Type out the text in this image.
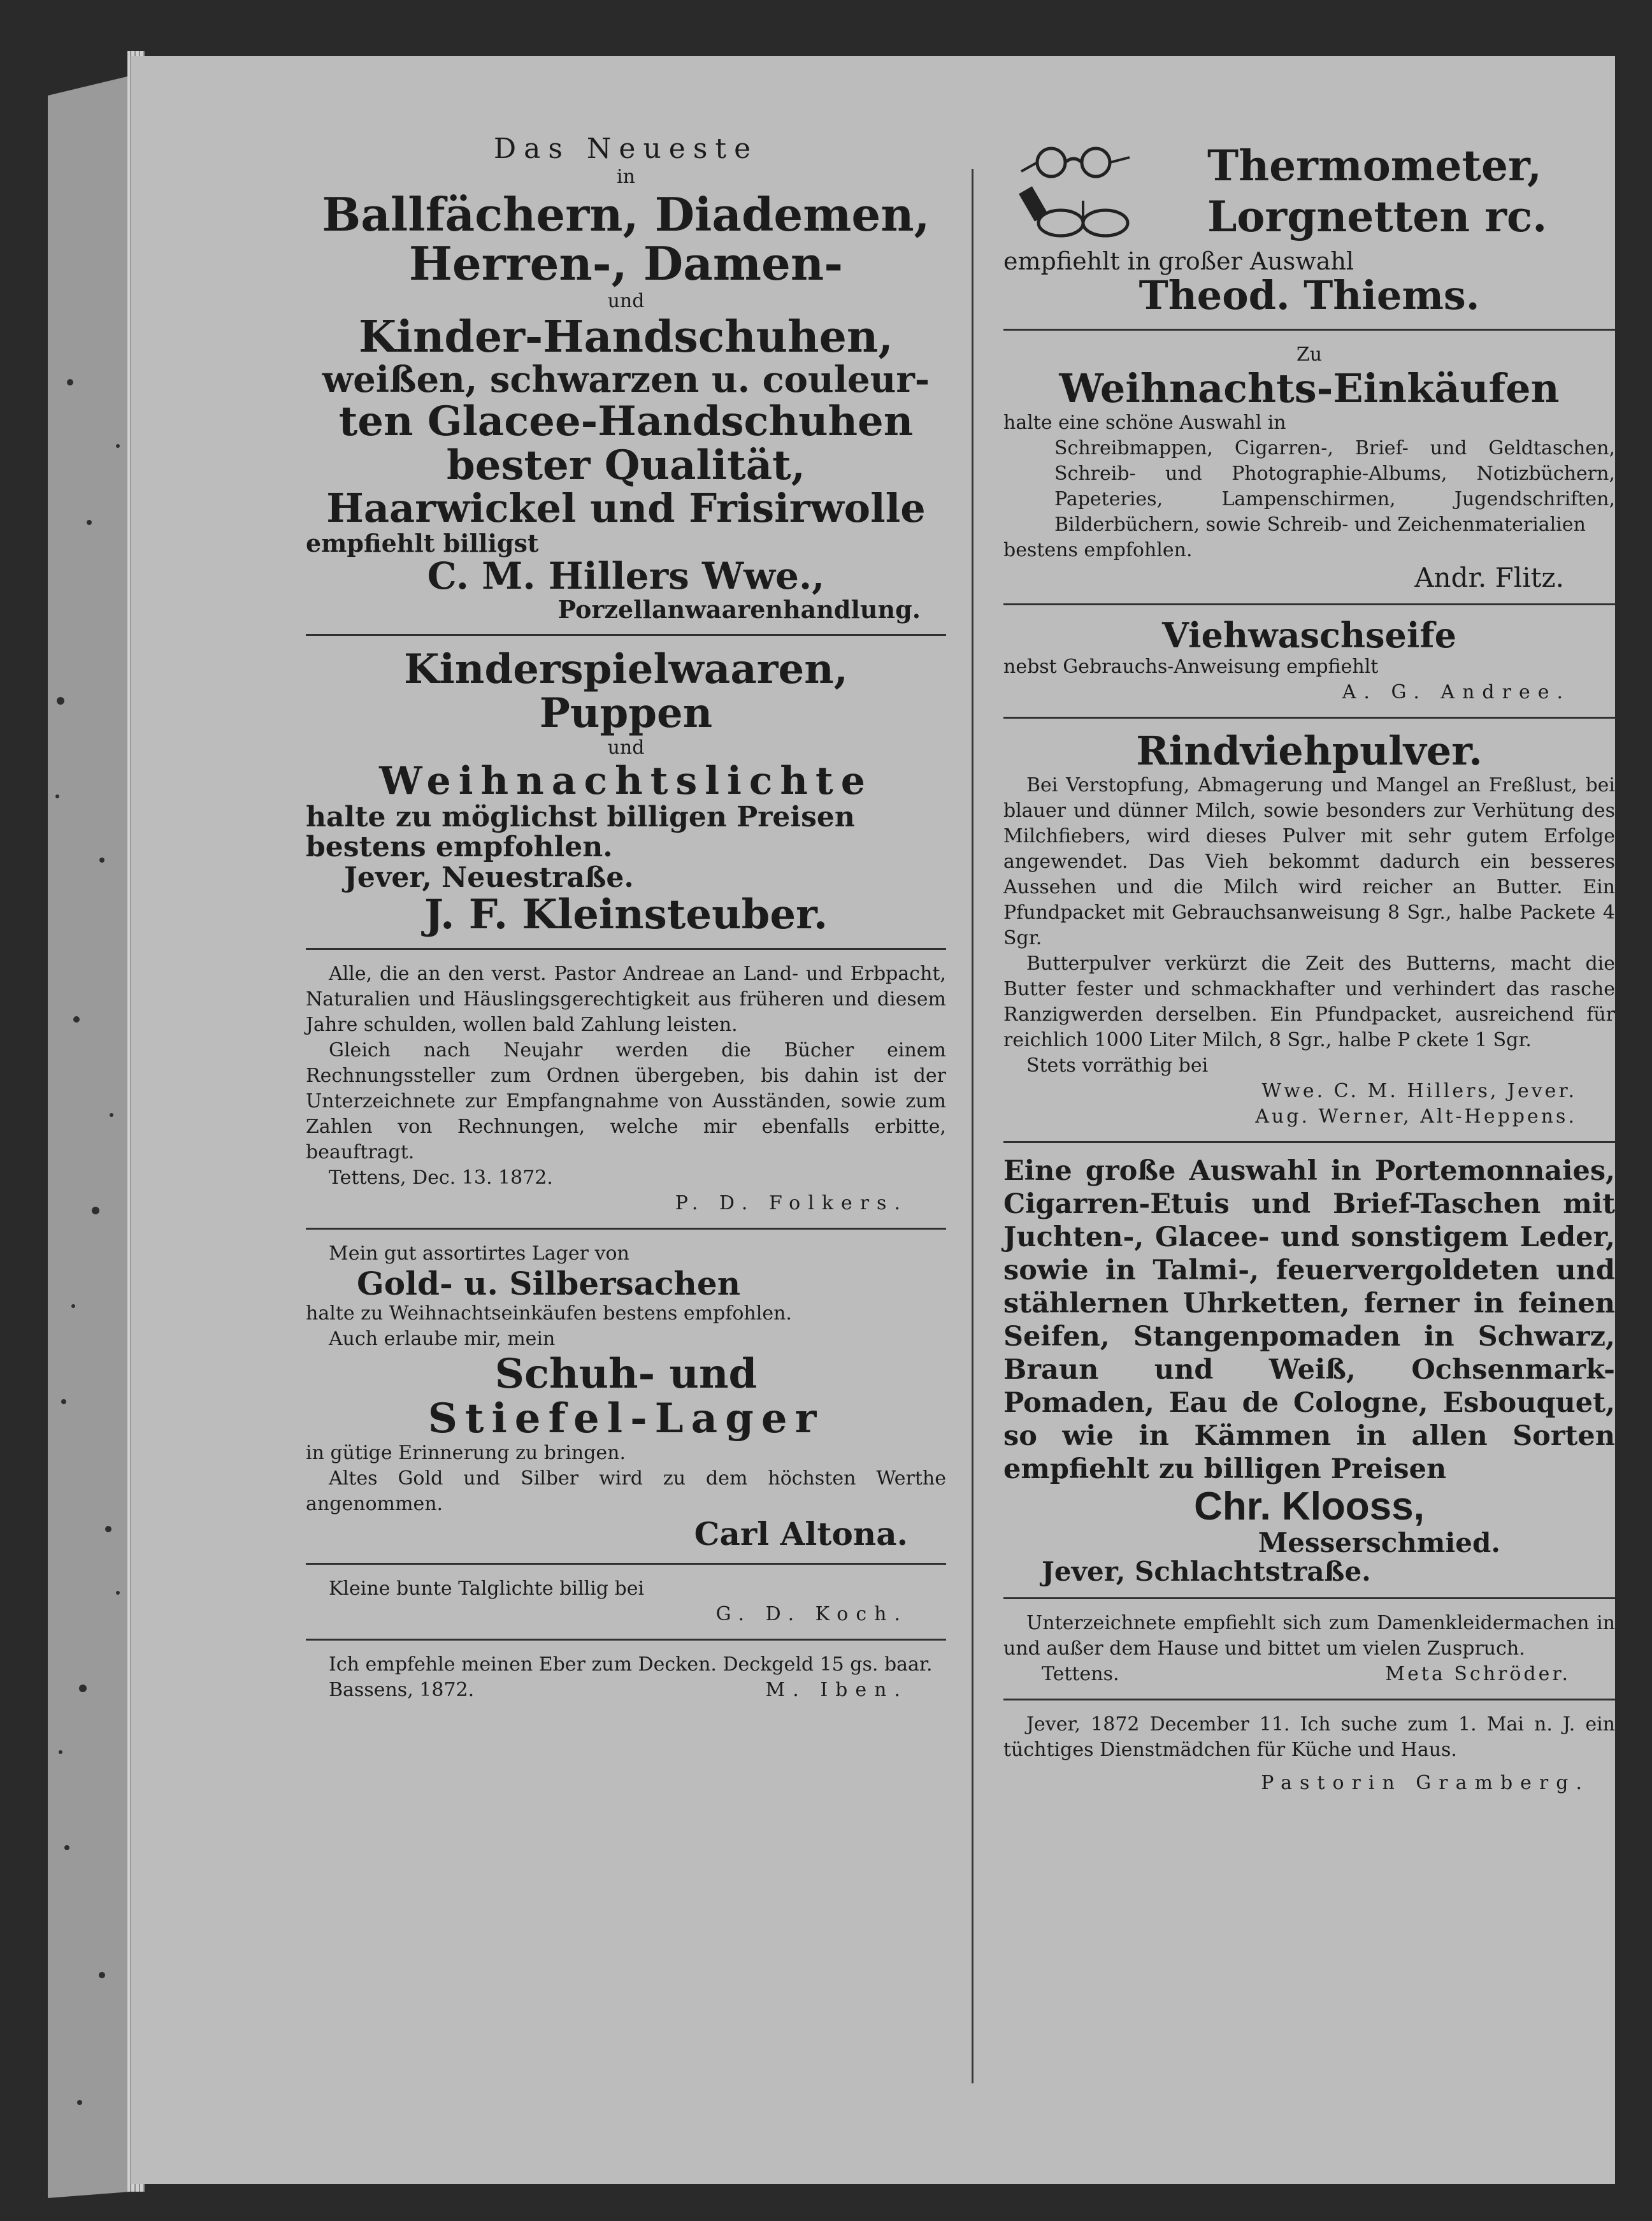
Das Neueste
in
Ballfächern, Diademen,
Herren-, Damen-
und
Kinder-Handschuhen,
weißen, schwarzen u. couleur-
ten Glacee-Handschuhen
bester Qualität,
Haarwickel und Frisirwolle
empfiehlt billigst
C. M. Hillers Wwe.,
Porzellanwaarenhandlung.
Kinderspielwaaren,
Puppen
und
Weihnachtslichte
halte zu möglichst billigen Preisen
bestens empfohlen.
Jever, Neuestraße.
J. F. Kleinsteuber.
Alle, die an den verst. Pastor Andreae an Land- und Erbpacht, Naturalien und Häuslingsgerechtigkeit aus früheren und diesem Jahre schulden, wollen bald Zahlung leisten.
Gleich nach Neujahr werden die Bücher einem Rechnungssteller zum Ordnen übergeben, bis dahin ist der Unterzeichnete zur Empfangnahme von Ausständen, sowie zum Zahlen von Rechnungen, welche mir ebenfalls erbitte, beauftragt.
Tettens, Dec. 13. 1872.
P. D. Folkers.
Mein gut assortirtes Lager von
Gold- u. Silbersachen
halte zu Weihnachtseinkäufen bestens empfohlen.
Auch erlaube mir, mein
Schuh- und
Stiefel-Lager
in gütige Erinnerung zu bringen.
Altes Gold und Silber wird zu dem höchsten Werthe angenommen.
Carl Altona.
Kleine bunte Talglichte billig bei
G. D. Koch.
Ich empfehle meinen Eber zum Decken. Deckgeld 15 gs. baar.
Bassens, 1872.	M. Iben.
Thermometer,
Lorgnetten rc.
empfiehlt in großer Auswahl
Theod. Thiems.
Zu
Weihnachts-Einkäufen
halte eine schöne Auswahl in
Schreibmappen, Cigarren-, Brief- und Geldtaschen, Schreib- und Photographie-Albums, Notizbüchern, Papeteries, Lampenschirmen, Jugendschriften, Bilderbüchern, sowie Schreib- und Zeichenmaterialien
bestens empfohlen.
Andr. Flitz.
Viehwaschseife
nebst Gebrauchs-Anweisung empfiehlt
A. G. Andree.
Rindviehpulver.
Bei Verstopfung, Abmagerung und Mangel an Freßlust, bei blauer und dünner Milch, sowie besonders zur Verhütung des Milchfiebers, wird dieses Pulver mit sehr gutem Erfolge angewendet. Das Vieh bekommt dadurch ein besseres Aussehen und die Milch wird reicher an Butter. Ein Pfundpacket mit Gebrauchsanweisung 8 Sgr., halbe Packete 4 Sgr.
Butterpulver verkürzt die Zeit des Butterns, macht die Butter fester und schmackhafter und verhindert das rasche Ranzigwerden derselben. Ein Pfundpacket, ausreichend für reichlich 1000 Liter Milch, 8 Sgr., halbe P ckete 1 Sgr.
Stets vorräthig bei
Wwe. C. M. Hillers, Jever.
Aug. Werner, Alt-Heppens.
Eine große Auswahl in Portemonnaies, Cigarren-Etuis und Brief-Taschen mit Juchten-, Glacee- und sonstigem Leder, sowie in Talmi-, feuervergoldeten und stählernen Uhrketten, ferner in feinen Seifen, Stangenpomaden in Schwarz, Braun und Weiß, Ochsenmark-Pomaden, Eau de Cologne, Esbouquet, so wie in Kämmen in allen Sorten empfiehlt zu billigen Preisen
Chr. Klooss,
Messerschmied.
Jever, Schlachtstraße.
Unterzeichnete empfiehlt sich zum Damenkleidermachen in und außer dem Hause und bittet um vielen Zuspruch.
Tettens.	Meta Schröder.
Jever, 1872 December 11. Ich suche zum 1. Mai n. J. ein tüchtiges Dienstmädchen für Küche und Haus.
Pastorin Gramberg.
